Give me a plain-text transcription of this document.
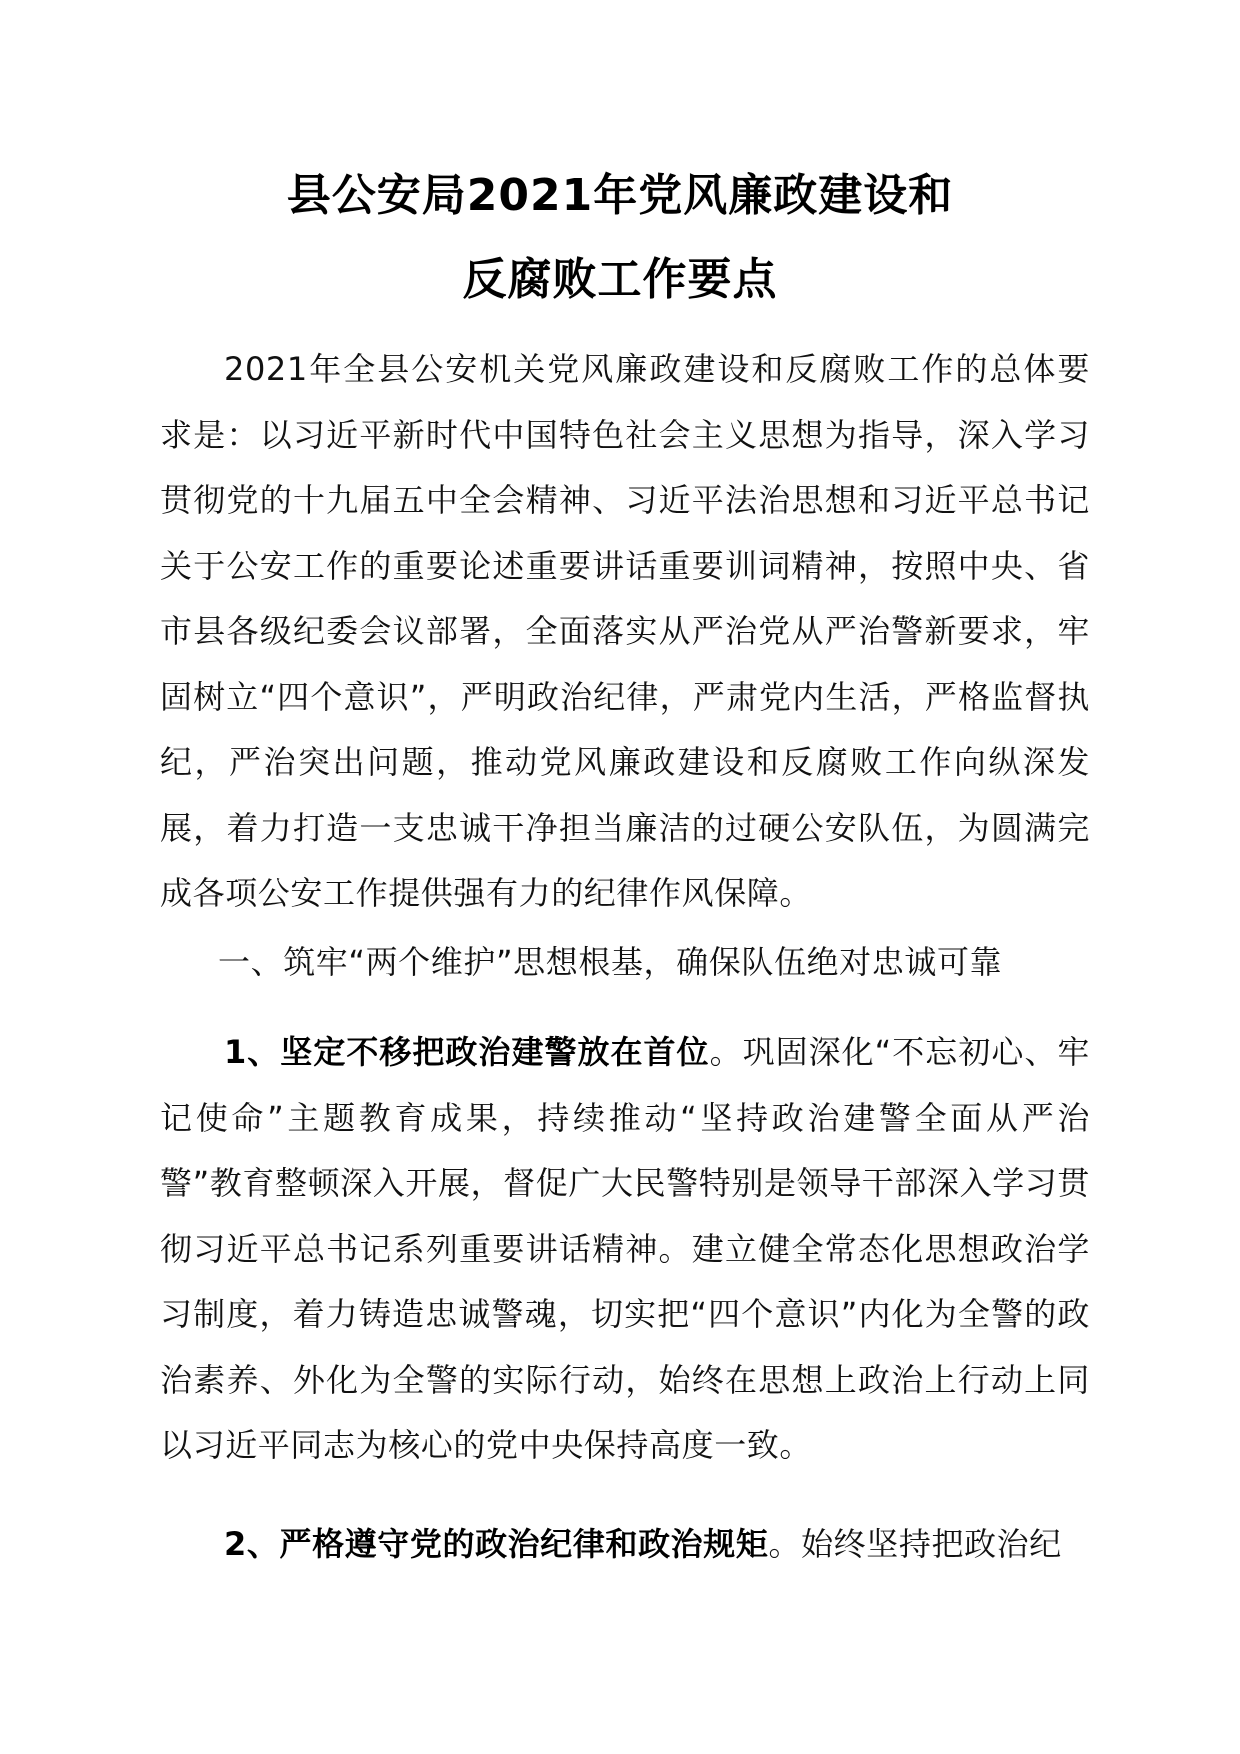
县公安局2021年党风廉政建设和
反腐败工作要点

2021年全县公安机关党风廉政建设和反腐败工作的总体要求是：以习近平新时代中国特色社会主义思想为指导，深入学习贯彻党的十九届五中全会精神、习近平法治思想和习近平总书记关于公安工作的重要论述重要讲话重要训词精神，按照中央、省市县各级纪委会议部署，全面落实从严治党从严治警新要求，牢固树立“四个意识”，严明政治纪律，严肃党内生活，严格监督执纪，严治突出问题，推动党风廉政建设和反腐败工作向纵深发展，着力打造一支忠诚干净担当廉洁的过硬公安队伍，为圆满完成各项公安工作提供强有力的纪律作风保障。

一、筑牢“两个维护”思想根基，确保队伍绝对忠诚可靠

1、坚定不移把政治建警放在首位。巩固深化“不忘初心、牢记使命”主题教育成果，持续推动“坚持政治建警全面从严治警”教育整顿深入开展，督促广大民警特别是领导干部深入学习贯彻习近平总书记系列重要讲话精神。建立健全常态化思想政治学习制度，着力铸造忠诚警魂，切实把“四个意识”内化为全警的政治素养、外化为全警的实际行动，始终在思想上政治上行动上同以习近平同志为核心的党中央保持高度一致。

2、严格遵守党的政治纪律和政治规矩。始终坚持把政治纪
